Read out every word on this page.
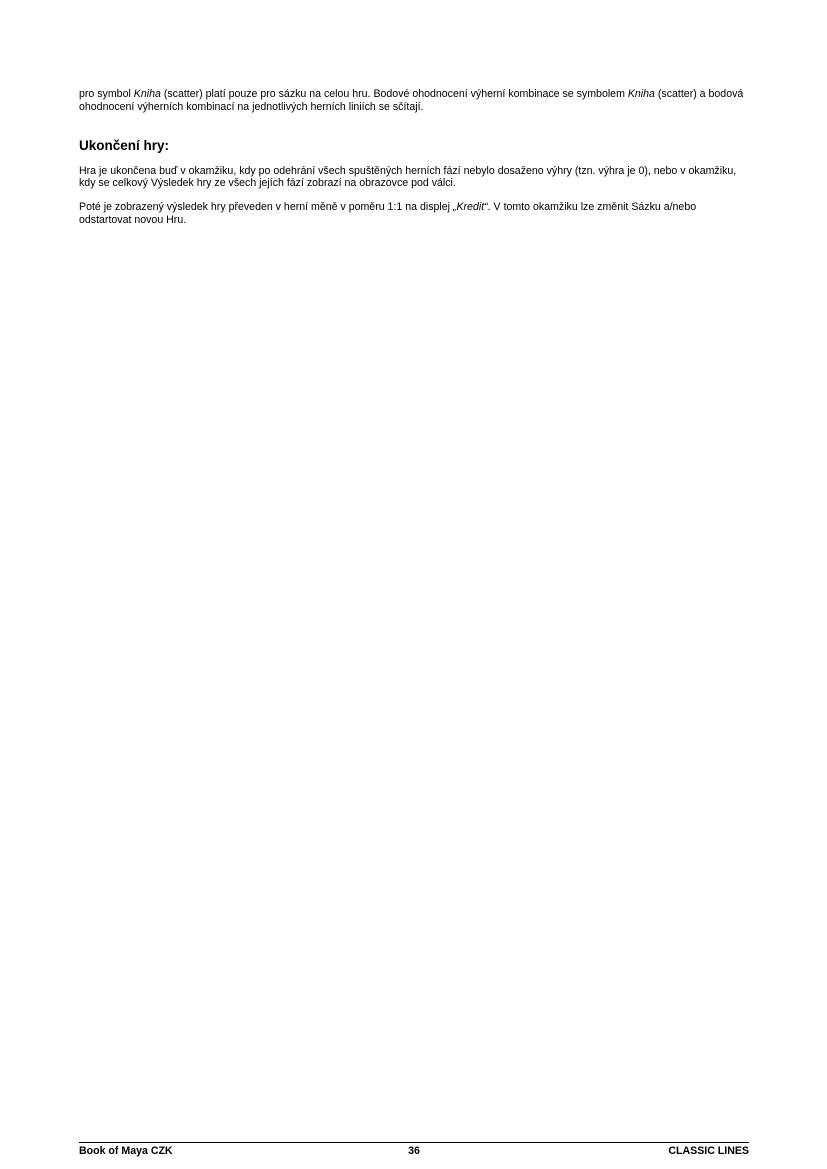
pro symbol Kniha (scatter) platí pouze pro sázku na celou hru. Bodové ohodnocení výherní kombinace se symbolem Kniha (scatter) a bodová ohodnocení výherních kombinací na jednotlivých herních liniích se sčítají.

Ukončení hry:

Hra je ukončena buď v okamžiku, kdy po odehrání všech spuštěných herních fází nebylo dosaženo výhry (tzn. výhra je 0), nebo v okamžiku, kdy se celkový Výsledek hry ze všech jejích fází zobrazí na obrazovce pod válci.

Poté je zobrazený výsledek hry převeden v herní měně v poměru 1:1 na displej „Kredit“. V tomto okamžiku lze změnit Sázku a/nebo odstartovat novou Hru.

Book of Maya CZK	36	CLASSIC LINES
